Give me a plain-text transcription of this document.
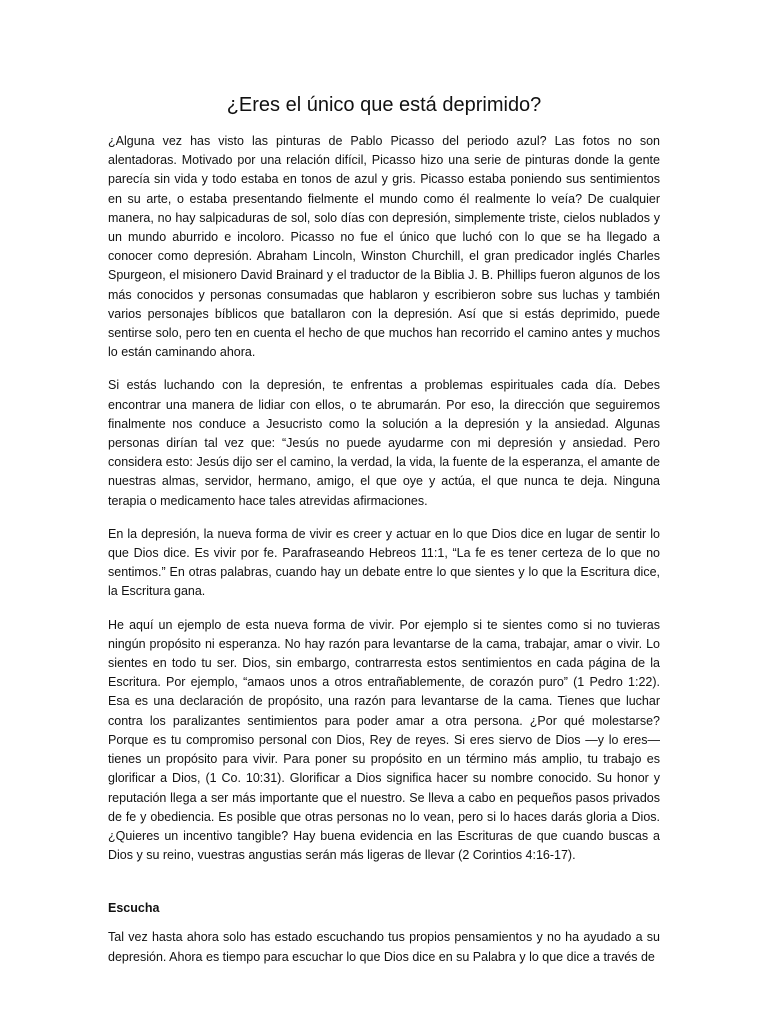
¿Eres el único que está deprimido?

¿Alguna vez has visto las pinturas de Pablo Picasso del periodo azul? Las fotos no son alentadoras. Motivado por una relación difícil, Picasso hizo una serie de pinturas donde la gente parecía sin vida y todo estaba en tonos de azul y gris. Picasso estaba poniendo sus sentimientos en su arte, o estaba presentando fielmente el mundo como él realmente lo veía? De cualquier manera, no hay salpicaduras de sol, solo días con depresión, simplemente triste, cielos nublados y un mundo aburrido e incoloro. Picasso no fue el único que luchó con lo que se ha llegado a conocer como depresión. Abraham Lincoln, Winston Churchill, el gran predicador inglés Charles Spurgeon, el misionero David Brainard y el traductor de la Biblia J. B. Phillips fueron algunos de los más conocidos y personas consumadas que hablaron y escribieron sobre sus luchas y también varios personajes bíblicos que batallaron con la depresión. Así que si estás deprimido, puede sentirse solo, pero ten en cuenta el hecho de que muchos han recorrido el camino antes y muchos lo están caminando ahora.

Si estás luchando con la depresión, te enfrentas a problemas espirituales cada día. Debes encontrar una manera de lidiar con ellos, o te abrumarán. Por eso, la dirección que seguiremos finalmente nos conduce a Jesucristo como la solución a la depresión y la ansiedad. Algunas personas dirían tal vez que: “Jesús no puede ayudarme con mi depresión y ansiedad. Pero considera esto: Jesús dijo ser el camino, la verdad, la vida, la fuente de la esperanza, el amante de nuestras almas, servidor, hermano, amigo, el que oye y actúa, el que nunca te deja. Ninguna terapia o medicamento hace tales atrevidas afirmaciones.

En la depresión, la nueva forma de vivir es creer y actuar en lo que Dios dice en lugar de sentir lo que Dios dice. Es vivir por fe. Parafraseando Hebreos 11:1, “La fe es tener certeza de lo que no sentimos.” En otras palabras, cuando hay un debate entre lo que sientes y lo que la Escritura dice, la Escritura gana.

He aquí un ejemplo de esta nueva forma de vivir. Por ejemplo si te sientes como si no tuvieras ningún propósito ni esperanza. No hay razón para levantarse de la cama, trabajar, amar o vivir. Lo sientes en todo tu ser. Dios, sin embargo, contrarresta estos sentimientos en cada página de la Escritura. Por ejemplo, “amaos unos a otros entrañablemente, de corazón puro” (1 Pedro 1:22). Esa es una declaración de propósito, una razón para levantarse de la cama. Tienes que luchar contra los paralizantes sentimientos para poder amar a otra persona. ¿Por qué molestarse? Porque es tu compromiso personal con Dios, Rey de reyes. Si eres siervo de Dios —y lo eres— tienes un propósito para vivir. Para poner su propósito en un término más amplio, tu trabajo es glorificar a Dios, (1 Co. 10:31). Glorificar a Dios significa hacer su nombre conocido. Su honor y reputación llega a ser más importante que el nuestro. Se lleva a cabo en pequeños pasos privados de fe y obediencia. Es posible que otras personas no lo vean, pero si lo haces darás gloria a Dios. ¿Quieres un incentivo tangible? Hay buena evidencia en las Escrituras de que cuando buscas a Dios y su reino, vuestras angustias serán más ligeras de llevar (2 Corintios 4:16-17).

Escucha

Tal vez hasta ahora solo has estado escuchando tus propios pensamientos y no ha ayudado a su depresión. Ahora es tiempo para escuchar lo que Dios dice en su Palabra y lo que dice a través de
